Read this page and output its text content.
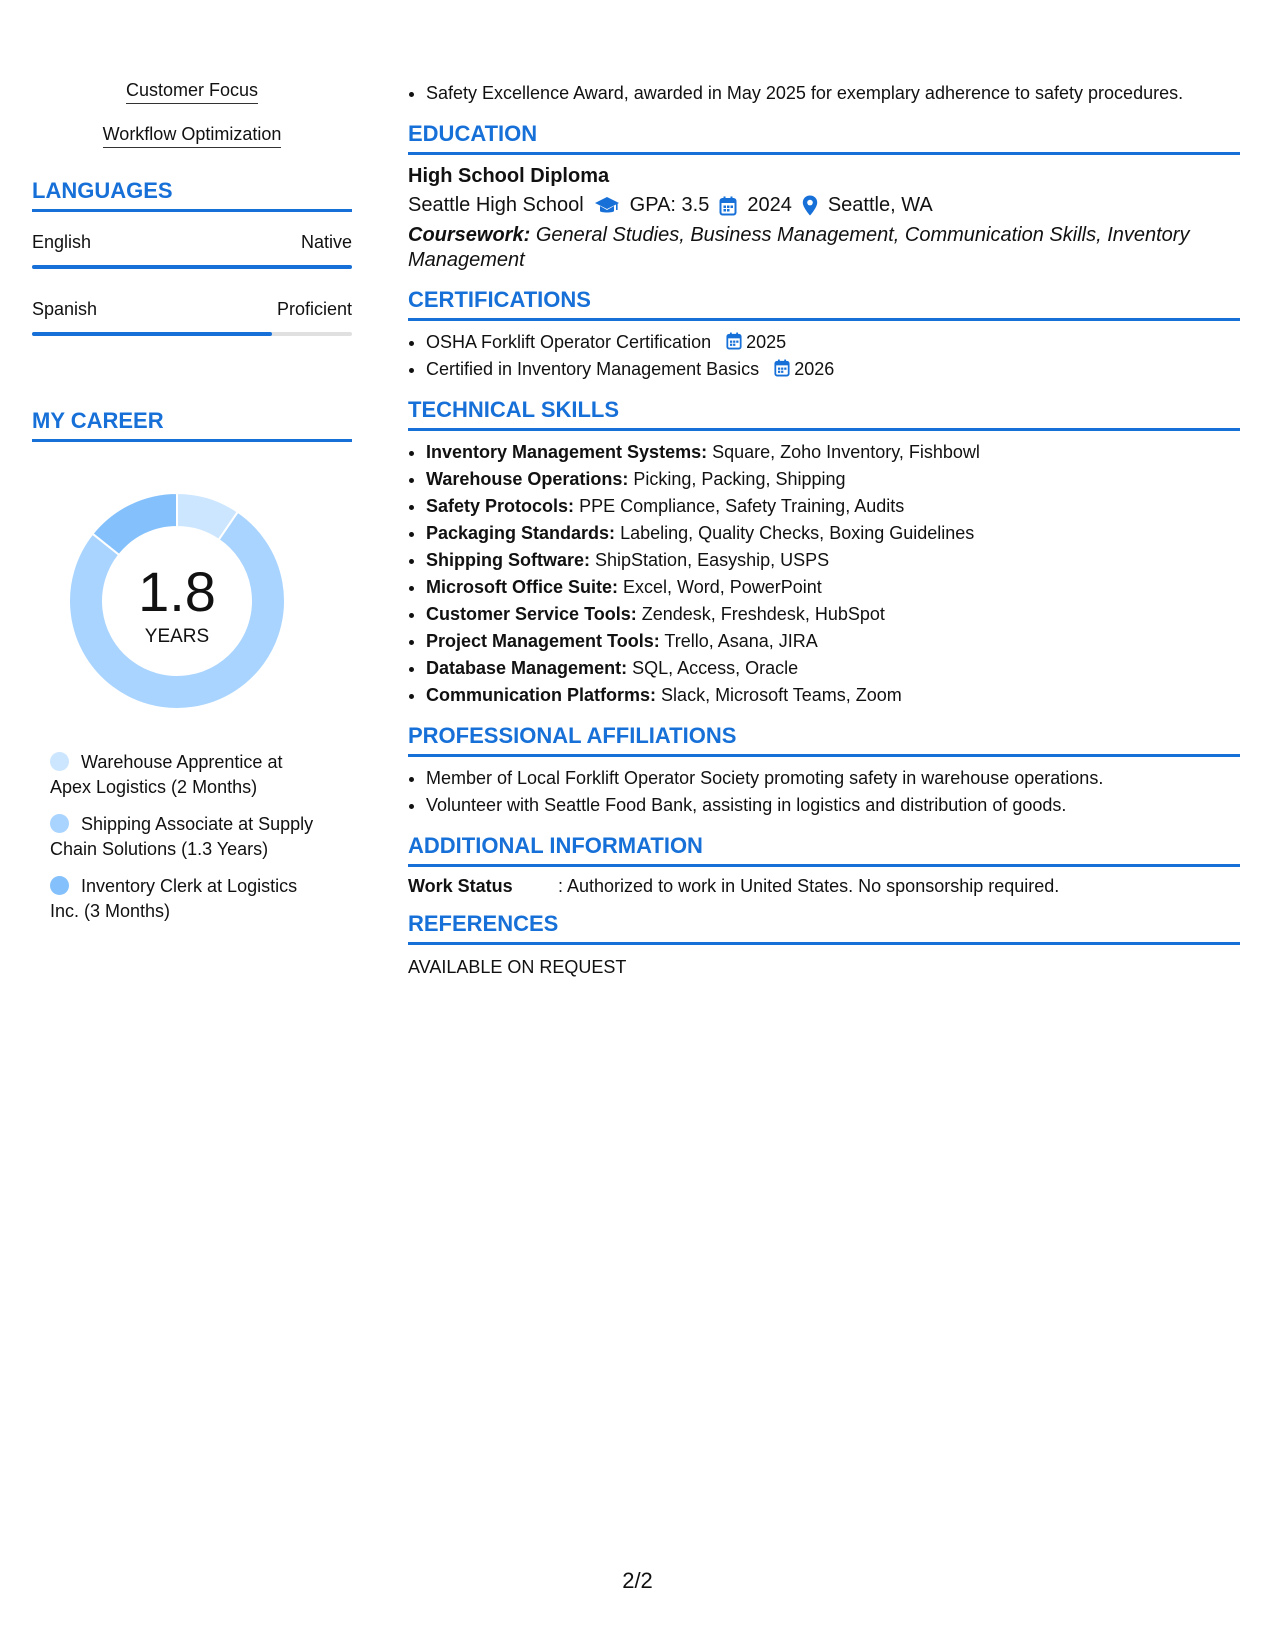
Customer Focus
Workflow Optimization
LANGUAGES
English	Native
Spanish	Proficient
MY CAREER
1.8
YEARS
Warehouse Apprentice at Apex Logistics (2 Months)
Shipping Associate at Supply Chain Solutions (1.3 Years)
Inventory Clerk at Logistics Inc. (3 Months)
• Safety Excellence Award, awarded in May 2025 for exemplary adherence to safety procedures.
EDUCATION
High School Diploma
Seattle High School GPA: 3.5 2024 Seattle, WA
Coursework: General Studies, Business Management, Communication Skills, Inventory Management
CERTIFICATIONS
• OSHA Forklift Operator Certification 2025
• Certified in Inventory Management Basics 2026
TECHNICAL SKILLS
• Inventory Management Systems: Square, Zoho Inventory, Fishbowl
• Warehouse Operations: Picking, Packing, Shipping
• Safety Protocols: PPE Compliance, Safety Training, Audits
• Packaging Standards: Labeling, Quality Checks, Boxing Guidelines
• Shipping Software: ShipStation, Easyship, USPS
• Microsoft Office Suite: Excel, Word, PowerPoint
• Customer Service Tools: Zendesk, Freshdesk, HubSpot
• Project Management Tools: Trello, Asana, JIRA
• Database Management: SQL, Access, Oracle
• Communication Platforms: Slack, Microsoft Teams, Zoom
PROFESSIONAL AFFILIATIONS
• Member of Local Forklift Operator Society promoting safety in warehouse operations.
• Volunteer with Seattle Food Bank, assisting in logistics and distribution of goods.
ADDITIONAL INFORMATION
Work Status	: Authorized to work in United States. No sponsorship required.
REFERENCES
AVAILABLE ON REQUEST
2/2
